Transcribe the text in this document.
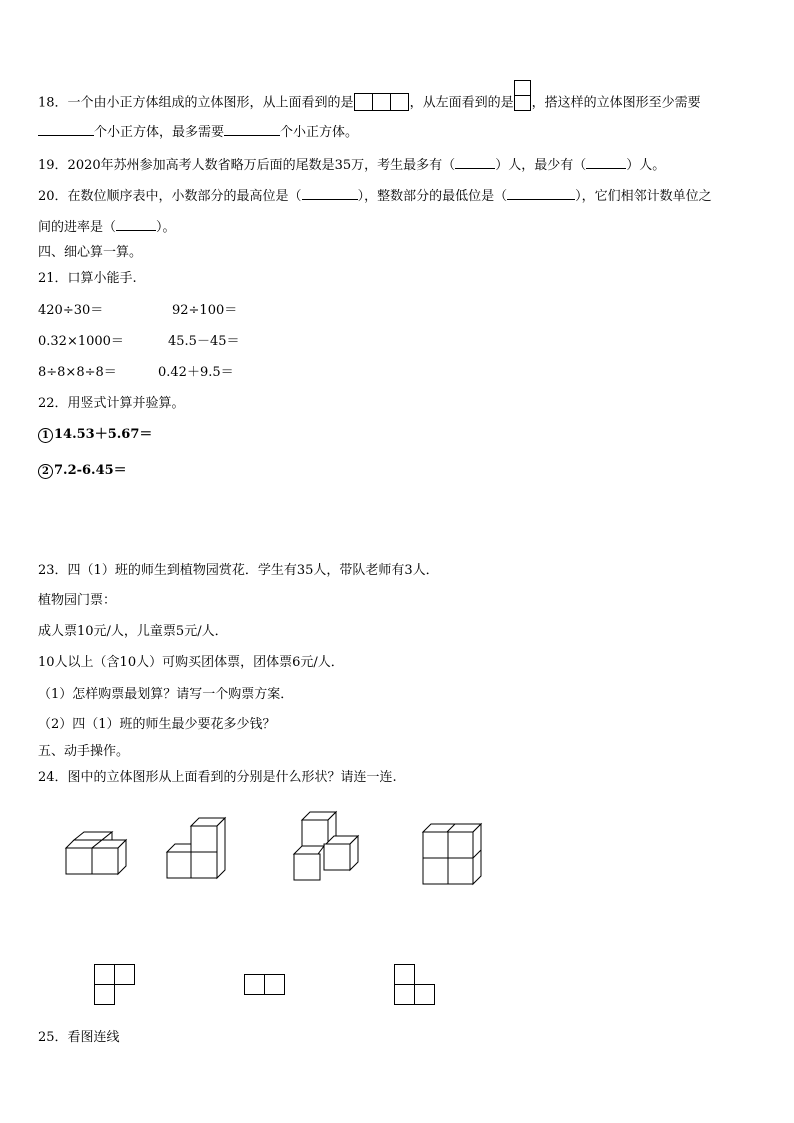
18．一个由小正方体组成的立体图形，从上面看到的是	，从左面看到的是 ，搭这样的立体图形至少需要
个小正方体，最多需要	个小正方体。
19．2020年苏州参加高考人数省略万后面的尾数是35万，考生最多有（	）人，最少有（	）人。
20．在数位顺序表中，小数部分的最高位是（	），整数部分的最低位是（	），它们相邻计数单位之
间的进率是（	）。
四、细心算一算。
21．口算小能手.
420÷30＝	92÷100＝
0.32×1000＝	45.5－45＝
8÷8×8÷8＝	0.42＋9.5＝
22．用竖式计算并验算。
1 14.53＋5.67＝
2 7.2-6.45＝
23．四（1）班的师生到植物园赏花．学生有35人，带队老师有3人．
植物园门票：
成人票10元/人，儿童票5元/人．
10人以上（含10人）可购买团体票，团体票6元/人．
（1）怎样购票最划算？请写一个购票方案．
（2）四（1）班的师生最少要花多少钱？
五、动手操作。
24．图中的立体图形从上面看到的分别是什么形状？请连一连.
25．看图连线
